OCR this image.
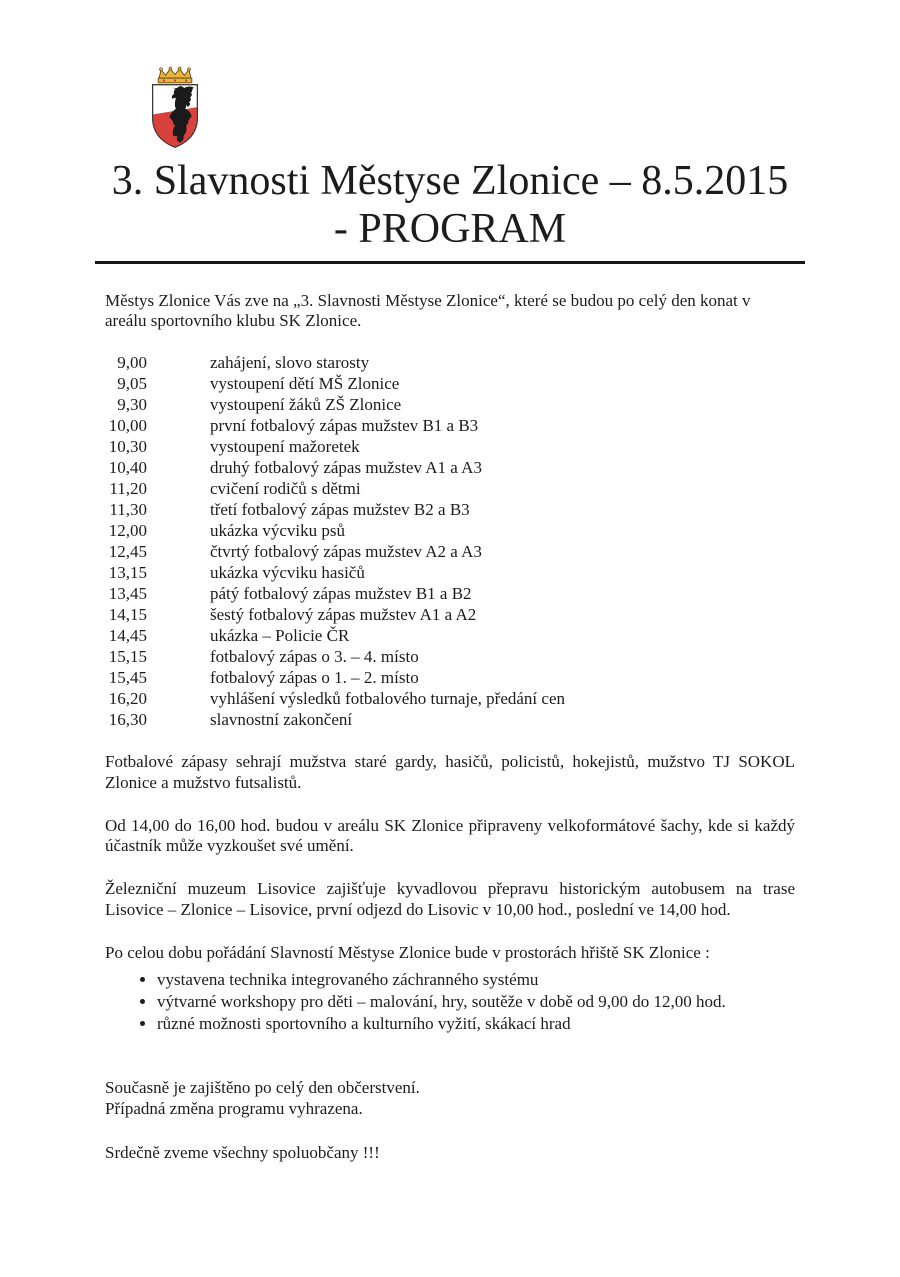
3. Slavnosti Městyse Zlonice – 8.5.2015
- PROGRAM

Městys Zlonice Vás zve na „3. Slavnosti Městyse Zlonice“, které se budou po celý den konat v areálu sportovního klubu SK Zlonice.

9,00	zahájení, slovo starosty
9,05	vystoupení dětí MŠ Zlonice
9,30	vystoupení žáků ZŠ Zlonice
10,00	první fotbalový zápas mužstev B1 a B3
10,30	vystoupení mažoretek
10,40	druhý fotbalový zápas mužstev A1 a A3
11,20	cvičení rodičů s dětmi
11,30	třetí fotbalový zápas mužstev B2 a B3
12,00	ukázka výcviku psů
12,45	čtvrtý fotbalový zápas mužstev A2 a A3
13,15	ukázka výcviku hasičů
13,45	pátý fotbalový zápas mužstev B1 a B2
14,15	šestý fotbalový zápas mužstev A1 a A2
14,45	ukázka – Policie ČR
15,15	fotbalový zápas o 3. – 4. místo
15,45	fotbalový zápas o 1. – 2. místo
16,20	vyhlášení výsledků fotbalového turnaje, předání cen
16,30	slavnostní zakončení

Fotbalové zápasy sehrají mužstva staré gardy, hasičů, policistů, hokejistů, mužstvo TJ SOKOL Zlonice a mužstvo futsalistů.

Od 14,00 do 16,00 hod. budou v areálu SK Zlonice připraveny velkoformátové šachy, kde si každý účastník může vyzkoušet své umění.

Železniční muzeum Lisovice zajišťuje kyvadlovou přepravu historickým autobusem na trase Lisovice – Zlonice – Lisovice, první odjezd do Lisovic v 10,00 hod., poslední ve 14,00 hod.

Po celou dobu pořádání Slavností Městyse Zlonice bude v prostorách hřiště SK Zlonice :

• vystavena technika integrovaného záchranného systému
• výtvarné workshopy pro děti – malování, hry, soutěže v době od 9,00 do 12,00 hod.
• různé možnosti sportovního a kulturního vyžití, skákací hrad
Současně je zajištěno po celý den občerstvení.
Případná změna programu vyhrazena.

Srdečně zveme všechny spoluobčany !!!
